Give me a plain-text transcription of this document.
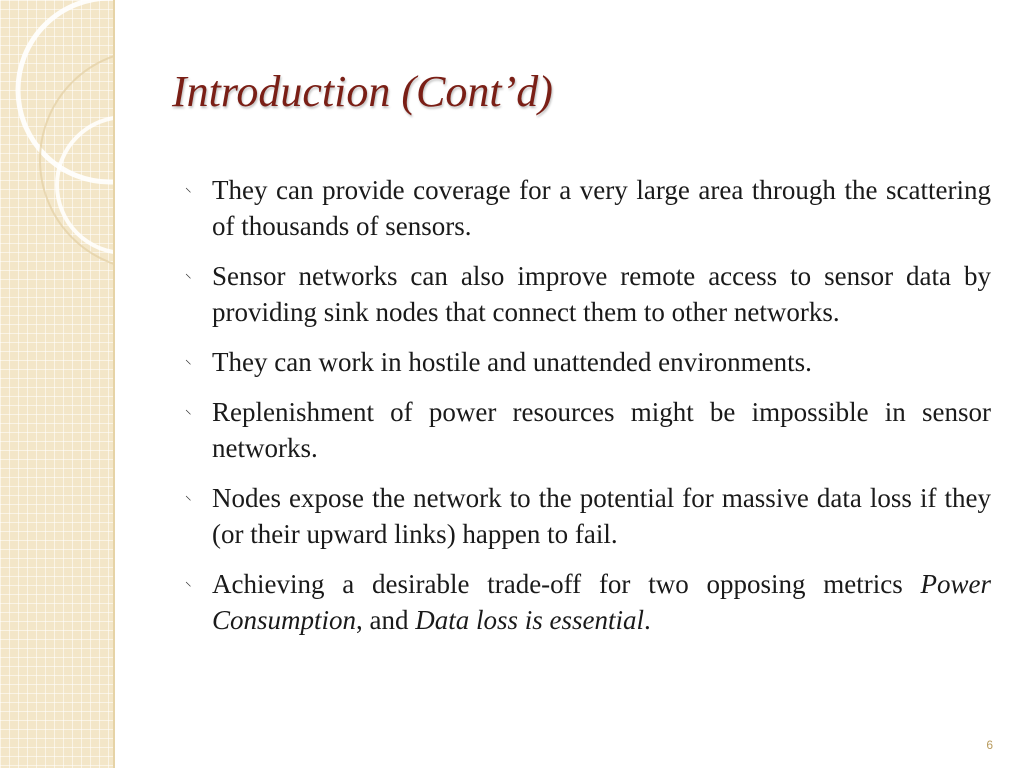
Introduction (Cont’d)
⸌ They can provide coverage for a very large area through the scattering of thousands of sensors.
⸌ Sensor networks can also improve remote access to sensor data by providing sink nodes that connect them to other networks.
⸌ They can work in hostile and unattended environments.
⸌ Replenishment of power resources might be impossible in sensor networks.
⸌ Nodes expose the network to the potential for massive data loss if they (or their upward links) happen to fail.
⸌ Achieving a desirable trade-off for two opposing metrics Power Consumption, and Data loss is essential.
6
